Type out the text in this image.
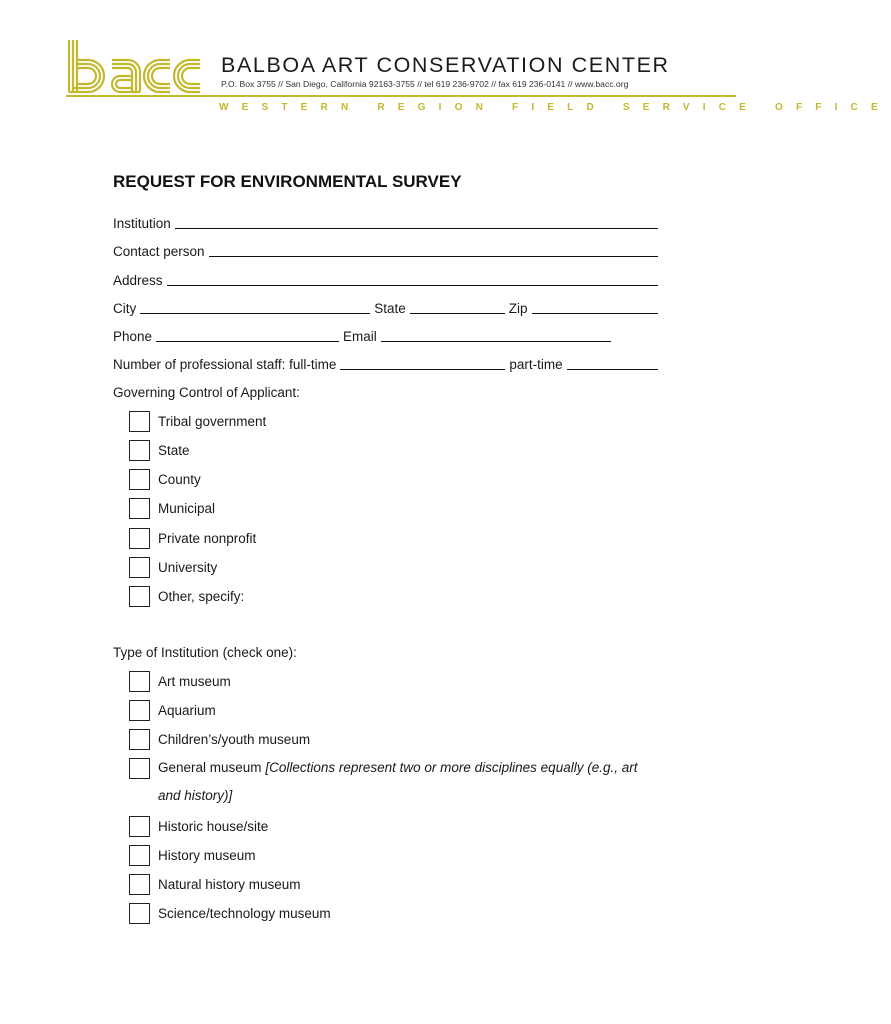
BALBOA ART CONSERVATION CENTER
P.O. Box 3755 // San Diego, California 92163-3755 // tel 619 236-9702 // fax 619 236-0141 // www.bacc.org
WESTERN REGION FIELD SERVICE OFFICE
REQUEST FOR ENVIRONMENTAL SURVEY
Institution
Contact person
Address
City	State	Zip
Phone	Email
Number of professional staff: full-time	part-time
Governing Control of Applicant:
Tribal government
State
County
Municipal
Private nonprofit
University
Other, specify:
Type of Institution (check one):
Art museum
Aquarium
Children’s/youth museum
General museum [Collections represent two or more disciplines equally (e.g., art and history)]
Historic house/site
History museum
Natural history museum
Science/technology museum
